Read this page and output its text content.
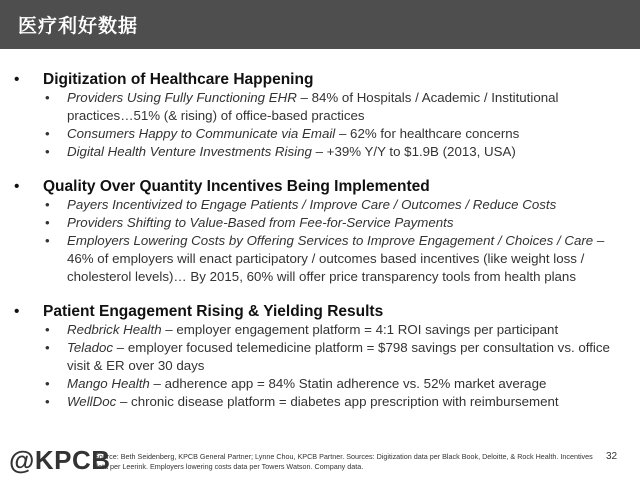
医疗利好数据
• Digitization of Healthcare Happening
• Providers Using Fully Functioning EHR – 84% of Hospitals / Academic / Institutional practices…51% (& rising) of office-based practices
• Consumers Happy to Communicate via Email – 62% for healthcare concerns
• Digital Health Venture Investments Rising – +39% Y/Y to $1.9B (2013, USA)
• Quality Over Quantity Incentives Being Implemented
• Payers Incentivized to Engage Patients / Improve Care / Outcomes / Reduce Costs
• Providers Shifting to Value-Based from Fee-for-Service Payments
• Employers Lowering Costs by Offering Services to Improve Engagement / Choices / Care – 46% of employers will enact participatory / outcomes based incentives (like weight loss / cholesterol levels)… By 2015, 60% will offer price transparency tools from health plans
• Patient Engagement Rising & Yielding Results
• Redbrick Health – employer engagement platform = 4:1 ROI savings per participant
• Teladoc – employer focused telemedicine platform = $798 savings per consultation vs. office visit & ER over 30 days
• Mango Health – adherence app = 84% Statin adherence vs. 52% market average
• WellDoc – chronic disease platform = diabetes app prescription with reimbursement
@KPCB
Source: Beth Seidenberg, KPCB General Partner; Lynne Chou, KPCB Partner. Sources: Digitization data per Black Book, Deloitte, & Rock Health. Incentives data per Leerink. Employers lowering costs data per Towers Watson. Company data.
32
